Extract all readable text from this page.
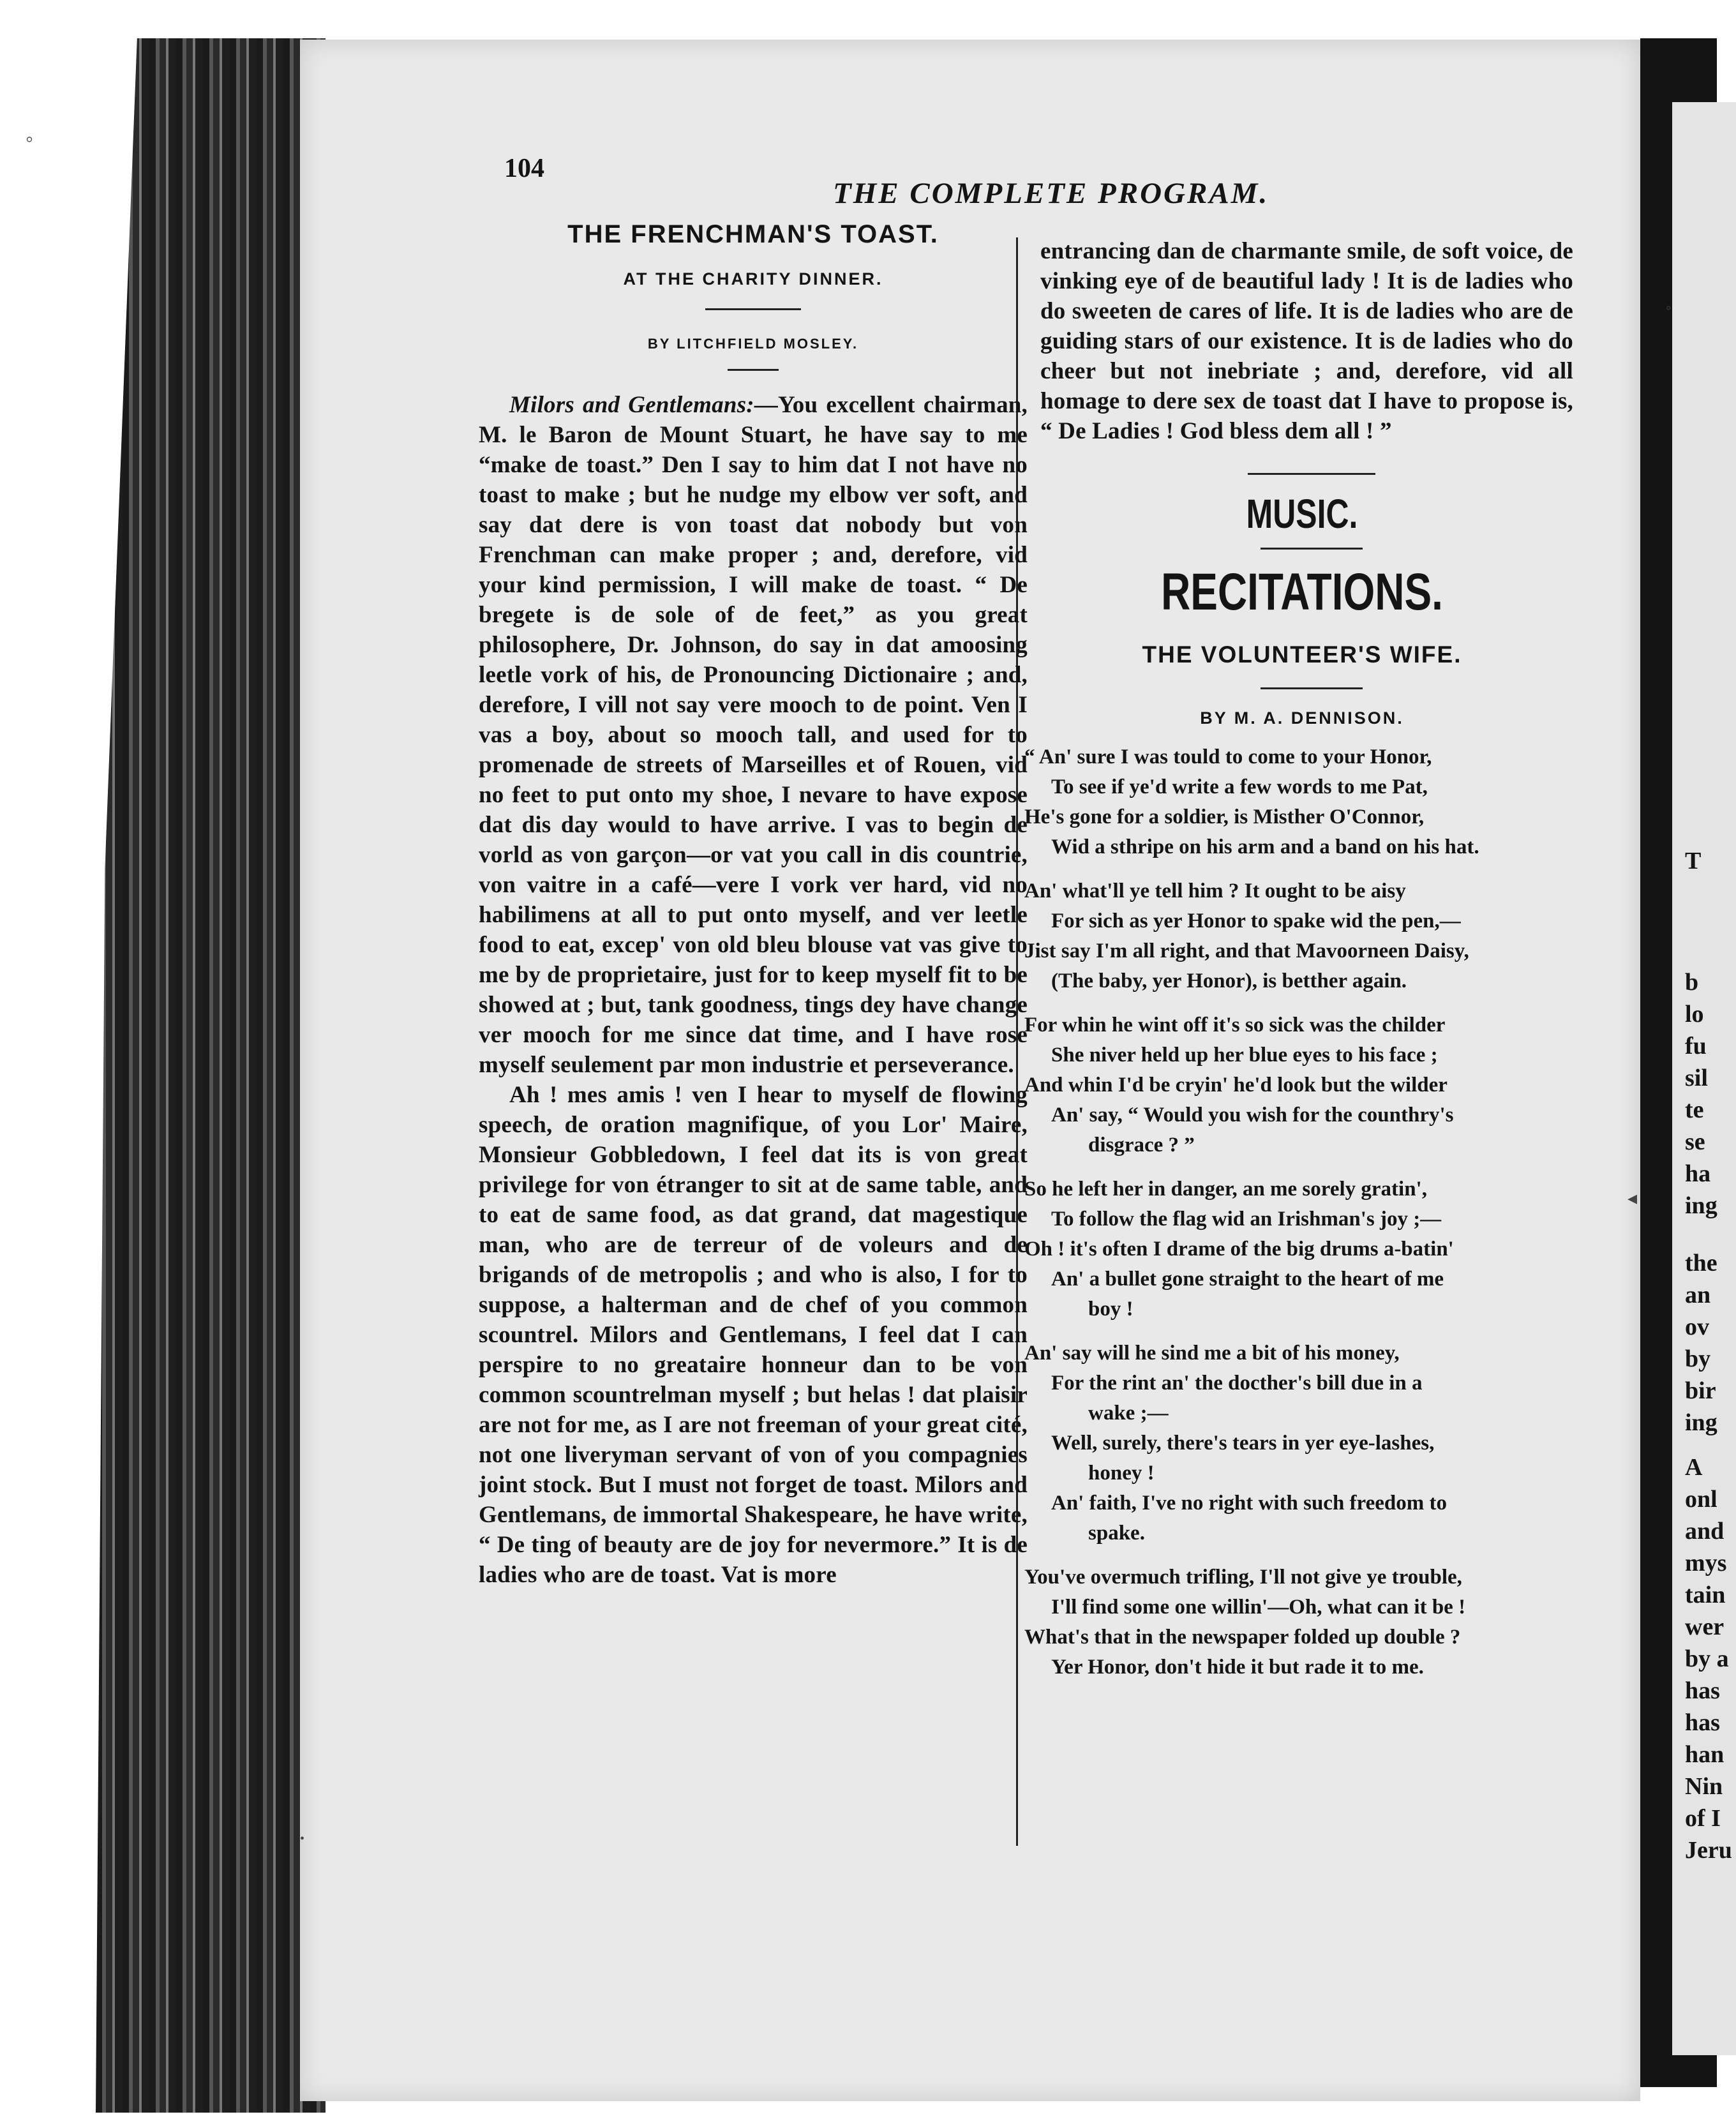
T
b
lo
fu
sil
te
se
ha
ing
the
an
ov
by
bir
ing
A
onl
and
mys
tain
wer
by a
has
has
han
Nin
of I
Jeru
104
THE COMPLETE PROGRAM.
THE FRENCHMAN'S TOAST.
AT THE CHARITY DINNER.
BY LITCHFIELD MOSLEY.

Milors and Gentlemans:—You excellent chairman, M. le Baron de Mount Stuart, he have say to me “make de toast.” Den I say to him dat I not have no toast to make ; but he nudge my elbow ver soft, and say dat dere is von toast dat nobody but von Frenchman can make proper ; and, derefore, vid your kind permission, I will make de toast. “ De bregete is de sole of de feet,” as you great philosophere, Dr. Johnson, do say in dat amoosing leetle vork of his, de Pronouncing Dictionaire ; and, derefore, I vill not say vere mooch to de point. Ven I vas a boy, about so mooch tall, and used for to promenade de streets of Marseilles et of Rouen, vid no feet to put onto my shoe, I nevare to have expose dat dis day would to have arrive. I vas to begin de vorld as von garçon—or vat you call in dis countrie, von vaitre in a café—vere I vork ver hard, vid no habilimens at all to put onto myself, and ver leetle food to eat, excep' von old bleu blouse vat vas give to me by de proprietaire, just for to keep myself fit to be showed at ; but, tank goodness, tings dey have change ver mooch for me since dat time, and I have rose myself seulement par mon industrie et perseverance.

Ah ! mes amis ! ven I hear to myself de flowing speech, de oration magnifique, of you Lor' Maire, Monsieur Gobbledown, I feel dat its is von great privilege for von étranger to sit at de same table, and to eat de same food, as dat grand, dat magestique man, who are de terreur of de voleurs and de brigands of de metropolis ; and who is also, I for to suppose, a halterman and de chef of you common scountrel. Milors and Gentlemans, I feel dat I can perspire to no greataire honneur dan to be von common scountrelman myself ; but helas ! dat plaisir are not for me, as I are not freeman of your great cité, not one liveryman servant of von of you compagnies joint stock. But I must not forget de toast. Milors and Gentlemans, de immortal Shakespeare, he have write, “ De ting of beauty are de joy for nevermore.” It is de ladies who are de toast. Vat is more

entrancing dan de charmante smile, de soft voice, de vinking eye of de beautiful lady ! It is de ladies who do sweeten de cares of life. It is de ladies who are de guiding stars of our existence. It is de ladies who do cheer but not inebriate ; and, derefore, vid all homage to dere sex de toast dat I have to propose is, “ De Ladies ! God bless dem all ! ”

MUSIC.
RECITATIONS.
THE VOLUNTEER'S WIFE.
BY M. A. DENNISON.
“ An' sure I was tould to come to your Honor,
To see if ye'd write a few words to me Pat,
He's gone for a soldier, is Misther O'Connor,
Wid a sthripe on his arm and a band on his hat.
An' what'll ye tell him ? It ought to be aisy
For sich as yer Honor to spake wid the pen,—
Jist say I'm all right, and that Mavoorneen Daisy,
(The baby, yer Honor), is betther again.
For whin he wint off it's so sick was the childer
She niver held up her blue eyes to his face ;
And whin I'd be cryin' he'd look but the wilder
An' say, “ Would you wish for the counthry's
disgrace ? ”
So he left her in danger, an me sorely gratin',
To follow the flag wid an Irishman's joy ;—
Oh ! it's often I drame of the big drums a-batin'
An' a bullet gone straight to the heart of me
boy !
An' say will he sind me a bit of his money,
For the rint an' the docther's bill due in a
wake ;—
Well, surely, there's tears in yer eye-lashes,
honey !
An' faith, I've no right with such freedom to
spake.
You've overmuch trifling, I'll not give ye trouble,
I'll find some one willin'—Oh, what can it be !
What's that in the newspaper folded up double ?
Yer Honor, don't hide it but rade it to me.
◦
◦
◂
•
